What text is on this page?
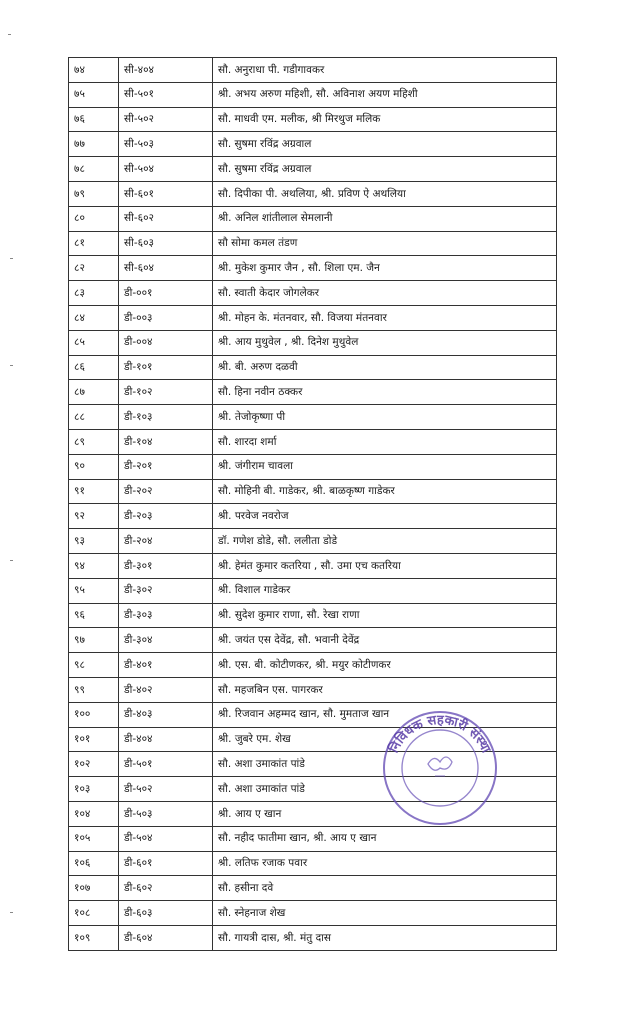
७४	सी-४०४	सौ. अनुराधा पी. गडीगावकर
७५	सी-५०१	श्री. अभय अरुण महिशी, सौ. अविनाश अयण महिशी
७६	सी-५०२	सौ. माधवी एम. मलीक, श्री मिरथुज मलिक
७७	सी-५०३	सौ. सुषमा रविंद्र अग्रवाल
७८	सी-५०४	सौ. सुषमा रविंद्र अग्रवाल
७९	सी-६०१	सौ. दिपीका पी. अथलिया, श्री. प्रविण ऐ अथलिया
८०	सी-६०२	श्री. अनिल शांतीलाल सेमलानी
८१	सी-६०३	सौ सोमा कमल तंडण
८२	सी-६०४	श्री. मुकेश कुमार जैन , सौ. शिला एम. जैन
८३	डी-००१	सौ. स्वाती केदार जोगलेकर
८४	डी-००३	श्री. मोहन के. मंतनवार, सौ. विजया मंतनवार
८५	डी-००४	श्री. आय मुथुवेल , श्री. दिनेश मुथुवेल
८६	डी-१०१	श्री. बी. अरुण दळवी
८७	डी-१०२	सौ. हिना नवीन ठक्कर
८८	डी-१०३	श्री. तेजोकृष्णा पी
८९	डी-१०४	सौ. शारदा शर्मा
९०	डी-२०१	श्री. जंगीराम चावला
९१	डी-२०२	सौ. मोहिनी बी. गाडेकर, श्री. बाळकृष्ण गाडेकर
९२	डी-२०३	श्री. परवेज नवरोज
९३	डी-२०४	डॉ. गणेश डोडे, सौ. ललीता डोडे
९४	डी-३०१	श्री. हेमंत कुमार कतरिया , सौ. उमा एच कतरिया
९५	डी-३०२	श्री. विशाल गाडेकर
९६	डी-३०३	श्री. सुदेश कुमार राणा, सौ. रेखा राणा
९७	डी-३०४	श्री. जयंत एस देवेंद्र, सौ. भवानी देवेंद्र
९८	डी-४०१	श्री. एस. बी. कोटीणकर, श्री. मयुर कोटीणकर
९९	डी-४०२	सौ. महजबिन एस. पागरकर
१००	डी-४०३	श्री. रिजवान अहम्मद खान, सौ. मुमताज खान
१०१	डी-४०४	श्री. जुबरे एम. शेख
१०२	डी-५०१	सौ. अशा उमाकांत पांडे
१०३	डी-५०२	सौ. अशा उमाकांत पांडे
१०४	डी-५०३	श्री. आय ए खान
१०५	डी-५०४	सौ. नहीद फातीमा खान, श्री. आय ए खान
१०६	डी-६०१	श्री. लतिफ रजाक पवार
१०७	डी-६०२	सौ. हसीना दवे
१०८	डी-६०३	सौ. स्नेहनाज शेख
१०९	डी-६०४	सौ. गायत्री दास, श्री. मंतु दास
निविधक सहकारी संस्था
